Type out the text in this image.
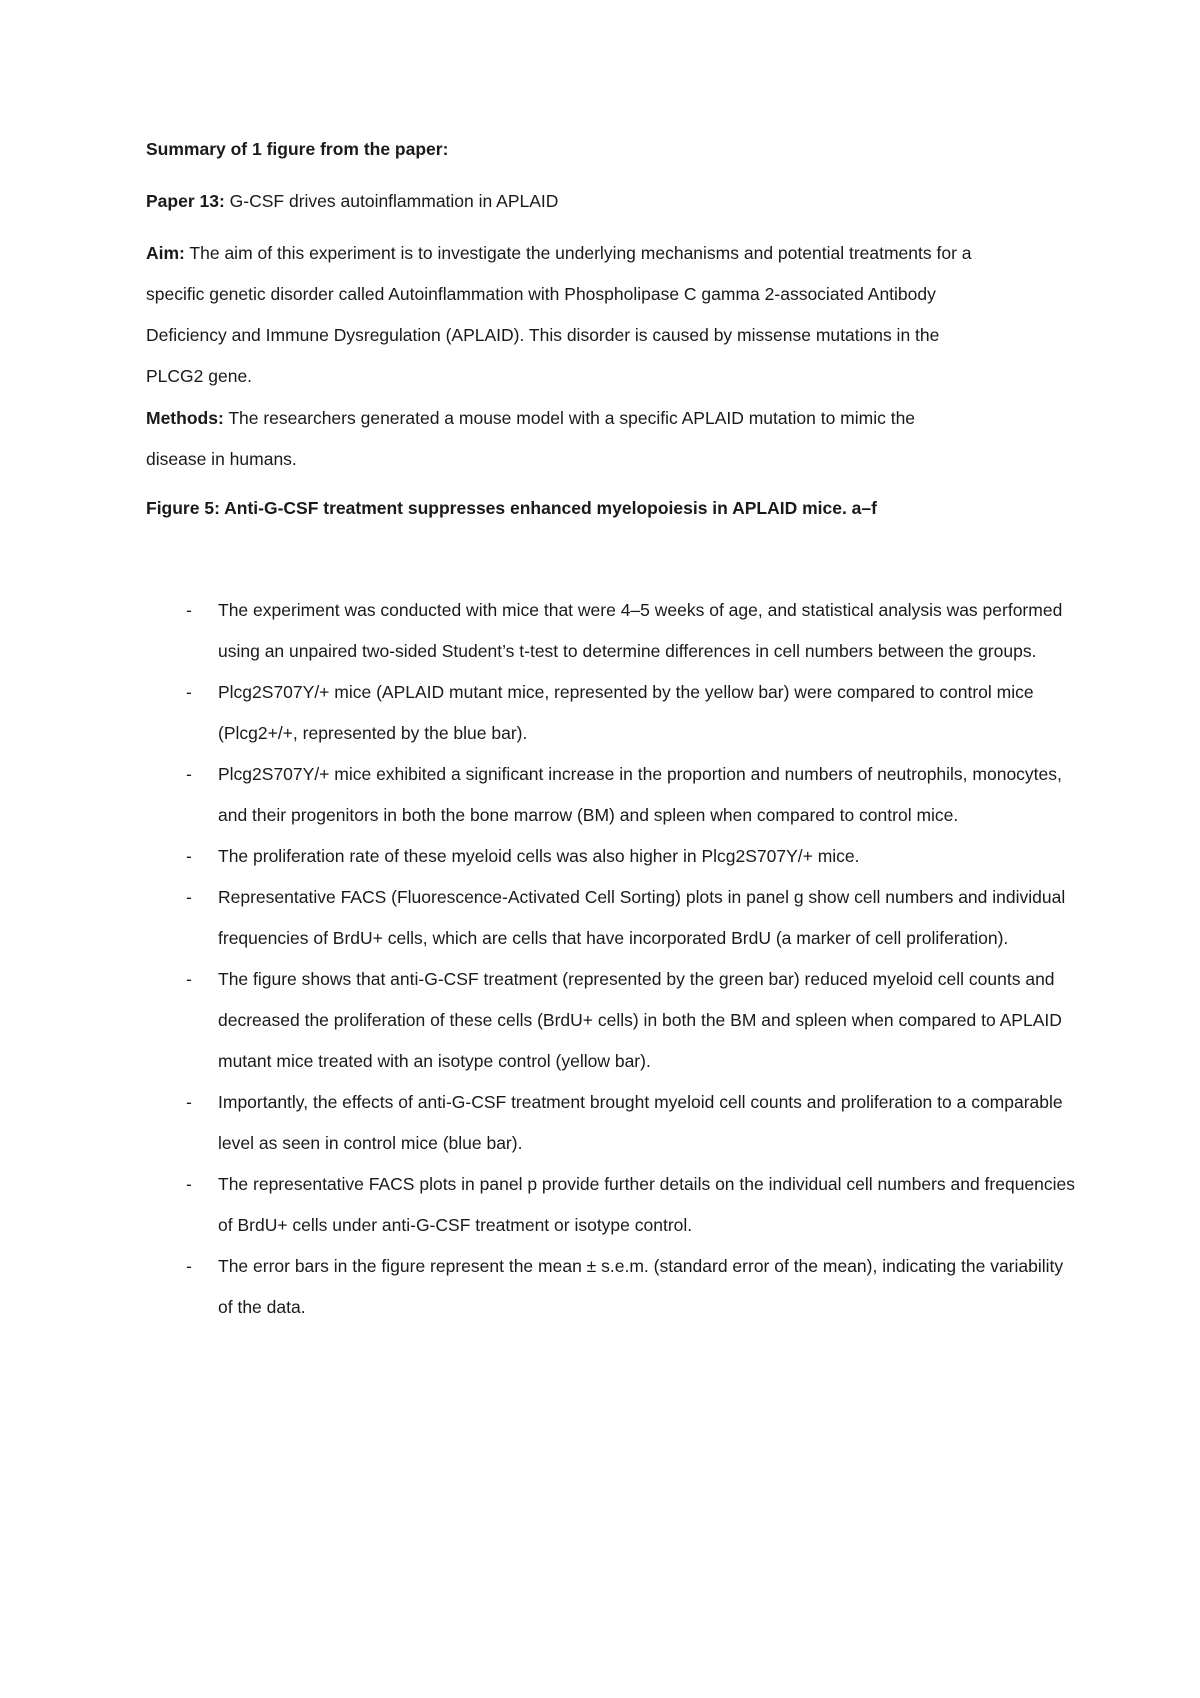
Summary of 1 figure from the paper:

Paper 13: G-CSF drives autoinflammation in APLAID

Aim: The aim of this experiment is to investigate the underlying mechanisms and potential treatments for a specific genetic disorder called Autoinflammation with Phospholipase C gamma 2-associated Antibody Deficiency and Immune Dysregulation (APLAID). This disorder is caused by missense mutations in the PLCG2 gene.

Methods: The researchers generated a mouse model with a specific APLAID mutation to mimic the disease in humans.

Figure 5: Anti-G-CSF treatment suppresses enhanced myelopoiesis in APLAID mice. a–f

- The experiment was conducted with mice that were 4–5 weeks of age, and statistical analysis was performed using an unpaired two-sided Student’s t-test to determine differences in cell numbers between the groups.
- Plcg2S707Y/+ mice (APLAID mutant mice, represented by the yellow bar) were compared to control mice (Plcg2+/+, represented by the blue bar).
- Plcg2S707Y/+ mice exhibited a significant increase in the proportion and numbers of neutrophils, monocytes, and their progenitors in both the bone marrow (BM) and spleen when compared to control mice.
- The proliferation rate of these myeloid cells was also higher in Plcg2S707Y/+ mice.
- Representative FACS (Fluorescence-Activated Cell Sorting) plots in panel g show cell numbers and individual frequencies of BrdU+ cells, which are cells that have incorporated BrdU (a marker of cell proliferation).
- The figure shows that anti-G-CSF treatment (represented by the green bar) reduced myeloid cell counts and decreased the proliferation of these cells (BrdU+ cells) in both the BM and spleen when compared to APLAID mutant mice treated with an isotype control (yellow bar).
- Importantly, the effects of anti-G-CSF treatment brought myeloid cell counts and proliferation to a comparable level as seen in control mice (blue bar).
- The representative FACS plots in panel p provide further details on the individual cell numbers and frequencies of BrdU+ cells under anti-G-CSF treatment or isotype control.
- The error bars in the figure represent the mean ± s.e.m. (standard error of the mean), indicating the variability of the data.
